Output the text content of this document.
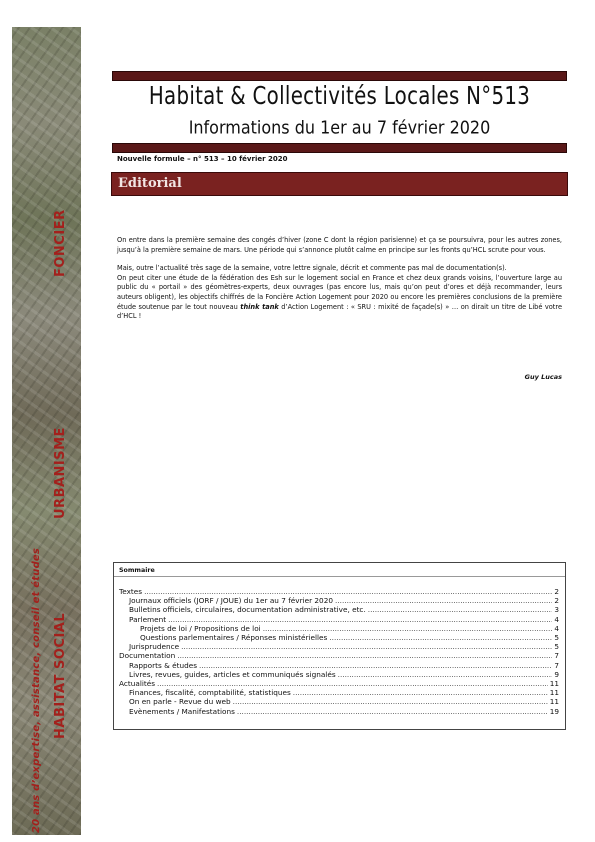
FONCIER
URBANISME
HABITAT SOCIAL
20 ans d’expertise, assistance, conseil et études
Habitat & Collectivités Locales N°513
Informations du 1er au 7 février 2020
Nouvelle formule – n° 513 – 10 février 2020
Editorial

On entre dans la première semaine des congés d’hiver (zone C dont la région parisienne) et ça se poursuivra, pour les autres zones, jusqu’à la première semaine de mars. Une période qui s’annonce plutôt calme en principe sur les fronts qu’HCL scrute pour vous.

Mais, outre l’actualité très sage de la semaine, votre lettre signale, décrit et commente pas mal de documentation(s).

On peut citer une étude de la fédération des Esh sur le logement social en France et chez deux grands voisins, l’ouverture large au public du « portail » des géomètres-experts, deux ouvrages (pas encore lus, mais qu’on peut d’ores et déjà recommander, leurs auteurs obligent), les objectifs chiffrés de la Foncière Action Logement pour 2020 ou encore les premières conclusions de la première étude soutenue par le tout nouveau think tank d’Action Logement : « SRU : mixité de façade(s) » … on dirait un titre de Libé votre d’HCL !

Guy Lucas
Sommaire
Textes .....	2
Journaux officiels (JORF / JOUE) du 1er au 7 février 2020 .....	2
Bulletins officiels, circulaires, documentation administrative, etc. .....	3
Parlement .....	4
Projets de loi / Propositions de loi .....	4
Questions parlementaires / Réponses ministérielles .....	5
Jurisprudence .....	5
Documentation .....	7
Rapports & études .....	7
Livres, revues, guides, articles et communiqués signalés .....	9
Actualités .....	11
Finances, fiscalité, comptabilité, statistiques .....	11
On en parle - Revue du web .....	11
Evènements / Manifestations .....	19
